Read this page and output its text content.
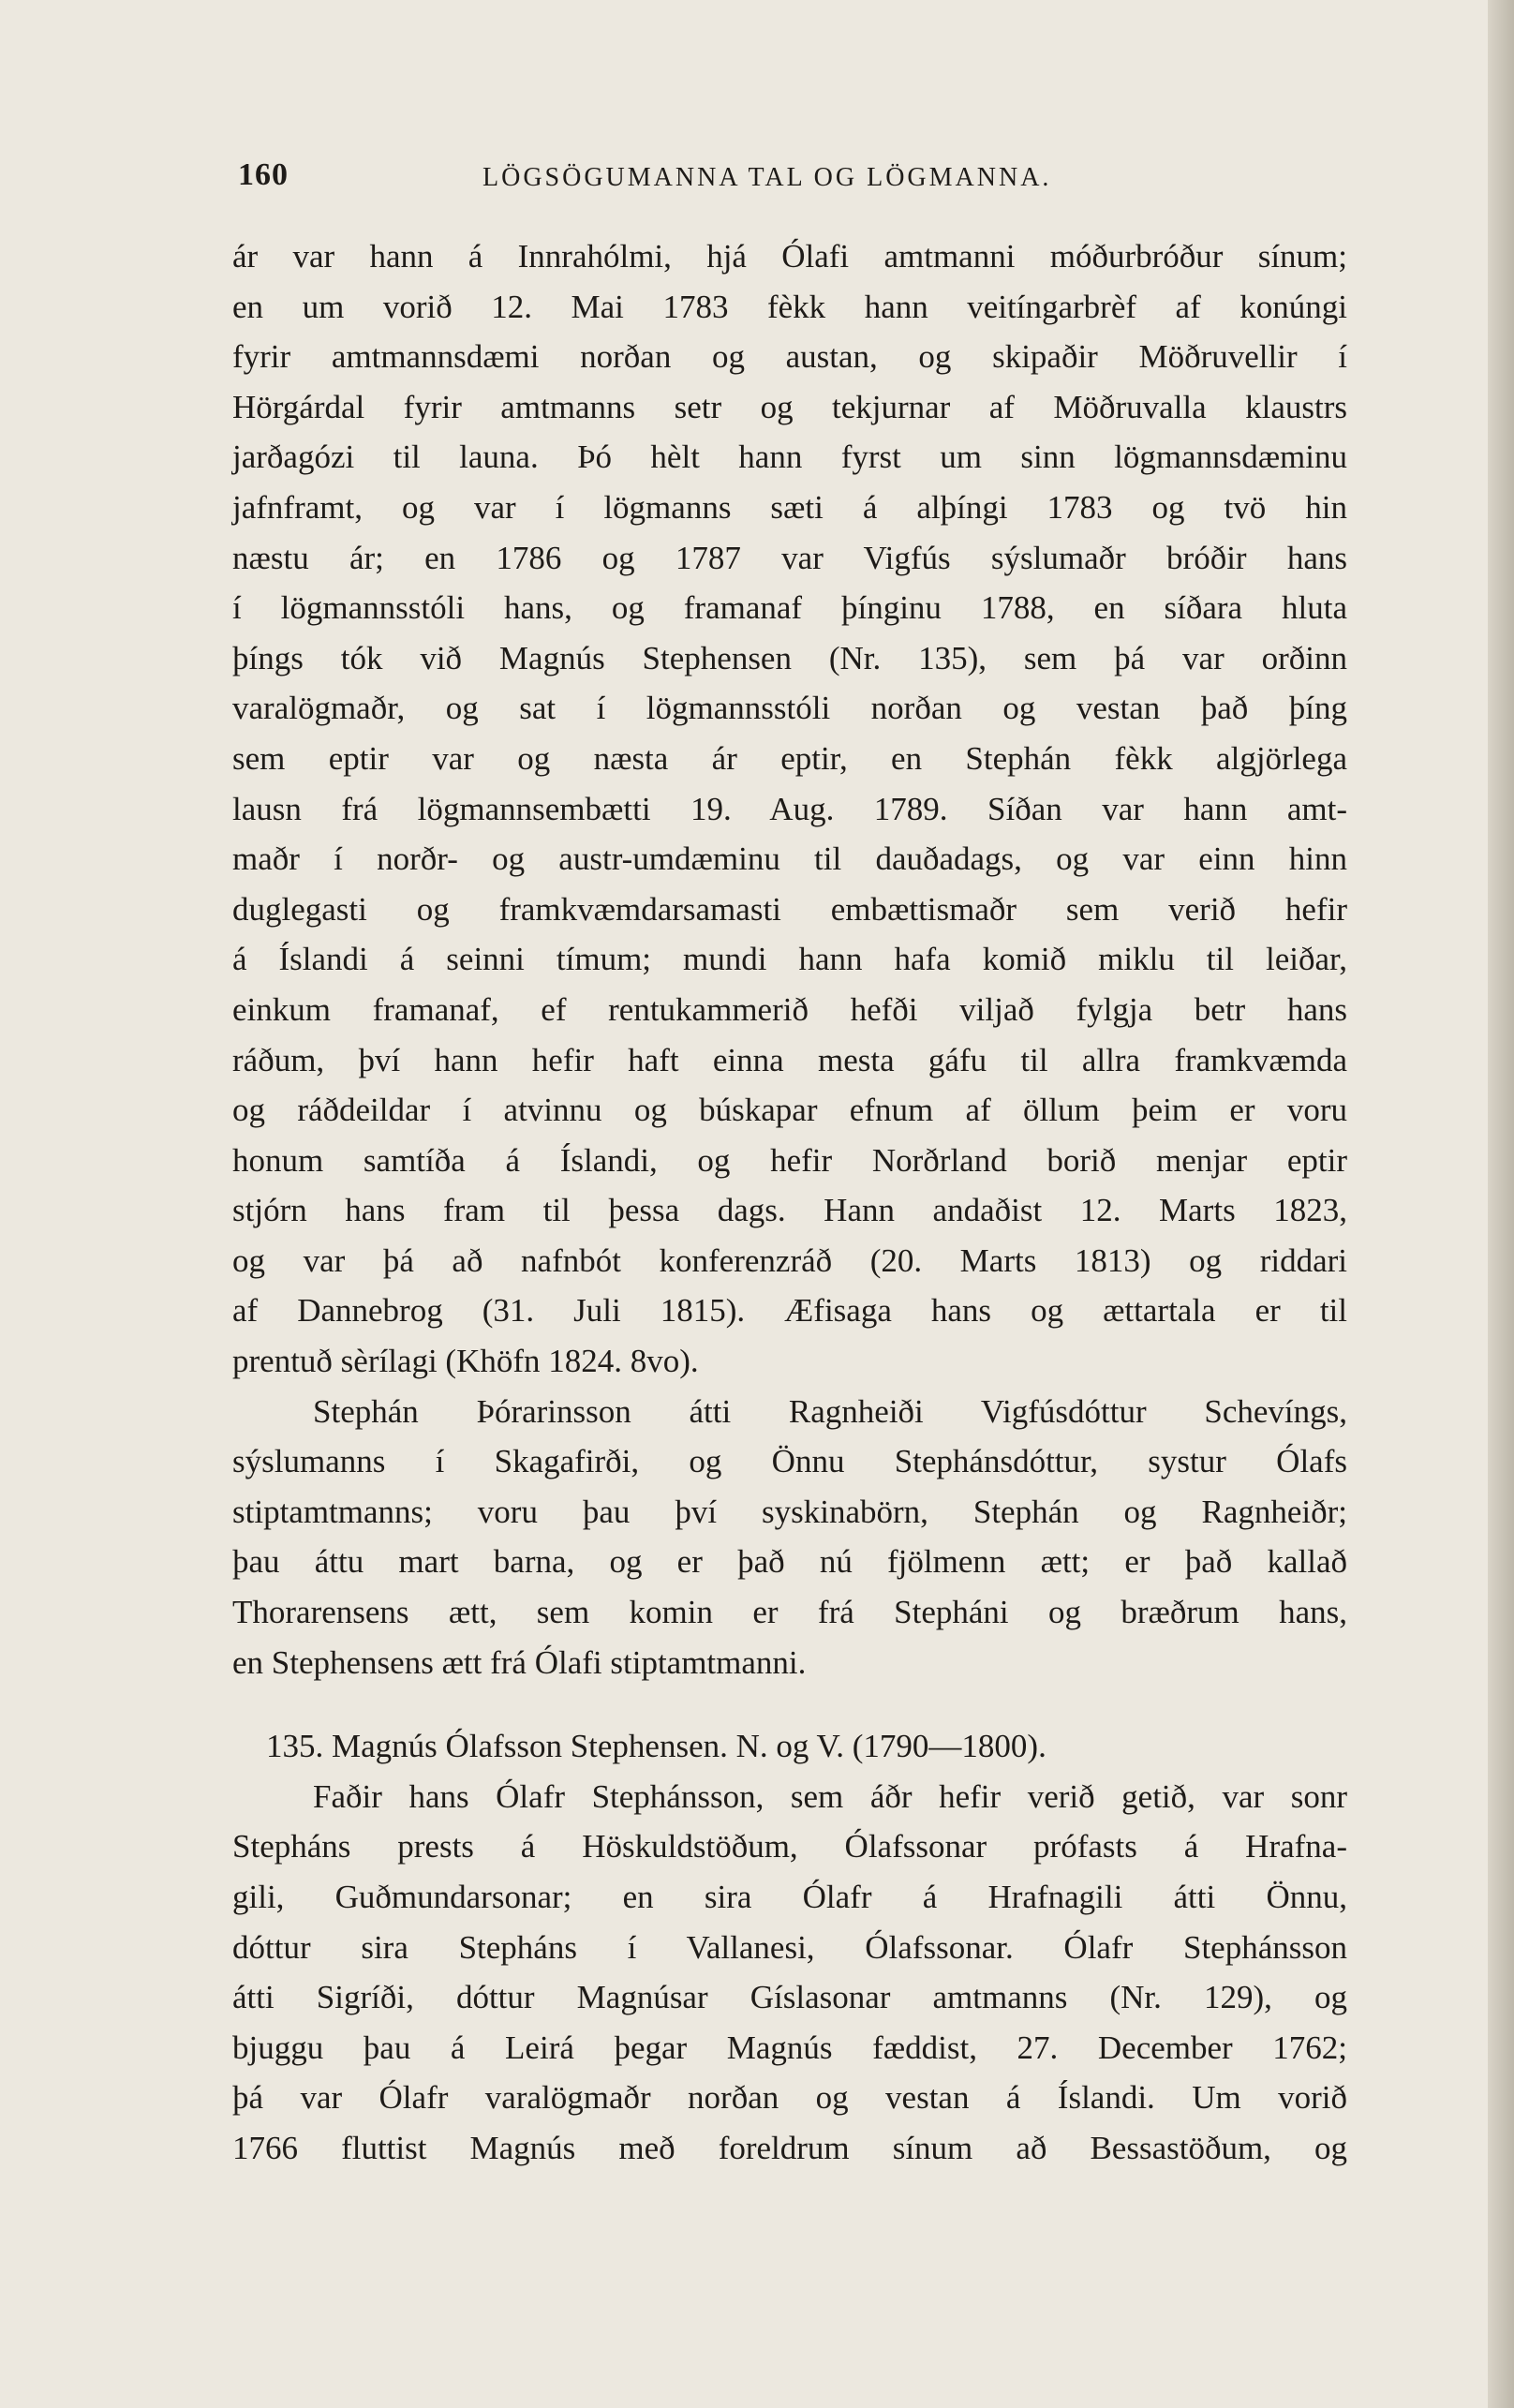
160	LÖGSÖGUMANNA TAL OG LÖGMANNA.
ár var hann á Innrahólmi, hjá Ólafi amtmanni móðurbróður sínum;
en um vorið 12. Mai 1783 fèkk hann veitíngarbrèf af konúngi
fyrir amtmannsdæmi norðan og austan, og skipaðir Möðruvellir í
Hörgárdal fyrir amtmanns setr og tekjurnar af Möðruvalla klaustrs
jarðagózi til launa. Þó hèlt hann fyrst um sinn lögmannsdæminu
jafnframt, og var í lögmanns sæti á alþíngi 1783 og tvö hin
næstu ár; en 1786 og 1787 var Vigfús sýslumaðr bróðir hans
í lögmannsstóli hans, og framanaf þínginu 1788, en síðara hluta
þíngs tók við Magnús Stephensen (Nr. 135), sem þá var orðinn
varalögmaðr, og sat í lögmannsstóli norðan og vestan það þíng
sem eptir var og næsta ár eptir, en Stephán fèkk algjörlega
lausn frá lögmannsembætti 19. Aug. 1789. Síðan var hann amt-
maðr í norðr- og austr-umdæminu til dauðadags, og var einn hinn
duglegasti og framkvæmdarsamasti embættismaðr sem verið hefir
á Íslandi á seinni tímum; mundi hann hafa komið miklu til leiðar,
einkum framanaf, ef rentukammerið hefði viljað fylgja betr hans
ráðum, því hann hefir haft einna mesta gáfu til allra framkvæmda
og ráðdeildar í atvinnu og búskapar efnum af öllum þeim er voru
honum samtíða á Íslandi, og hefir Norðrland borið menjar eptir
stjórn hans fram til þessa dags. Hann andaðist 12. Marts 1823,
og var þá að nafnbót konferenzráð (20. Marts 1813) og riddari
af Dannebrog (31. Juli 1815). Æfisaga hans og ættartala er til
prentuð sèrílagi (Khöfn 1824. 8vo).
Stephán Þórarinsson átti Ragnheiði Vigfúsdóttur Schevíngs,
sýslumanns í Skagafirði, og Önnu Stephánsdóttur, systur Ólafs
stiptamtmanns; voru þau því syskinabörn, Stephán og Ragnheiðr;
þau áttu mart barna, og er það nú fjölmenn ætt; er það kallað
Thorarensens ætt, sem komin er frá Stepháni og bræðrum hans,
en Stephensens ætt frá Ólafi stiptamtmanni.
135. Magnús Ólafsson Stephensen. N. og V. (1790—1800).
Faðir hans Ólafr Stephánsson, sem áðr hefir verið getið, var sonr
Stepháns prests á Höskuldstöðum, Ólafssonar prófasts á Hrafna-
gili, Guðmundarsonar; en sira Ólafr á Hrafnagili átti Önnu,
dóttur sira Stepháns í Vallanesi, Ólafssonar. Ólafr Stephánsson
átti Sigríði, dóttur Magnúsar Gíslasonar amtmanns (Nr. 129), og
bjuggu þau á Leirá þegar Magnús fæddist, 27. December 1762;
þá var Ólafr varalögmaðr norðan og vestan á Íslandi. Um vorið
1766 fluttist Magnús með foreldrum sínum að Bessastöðum, og
